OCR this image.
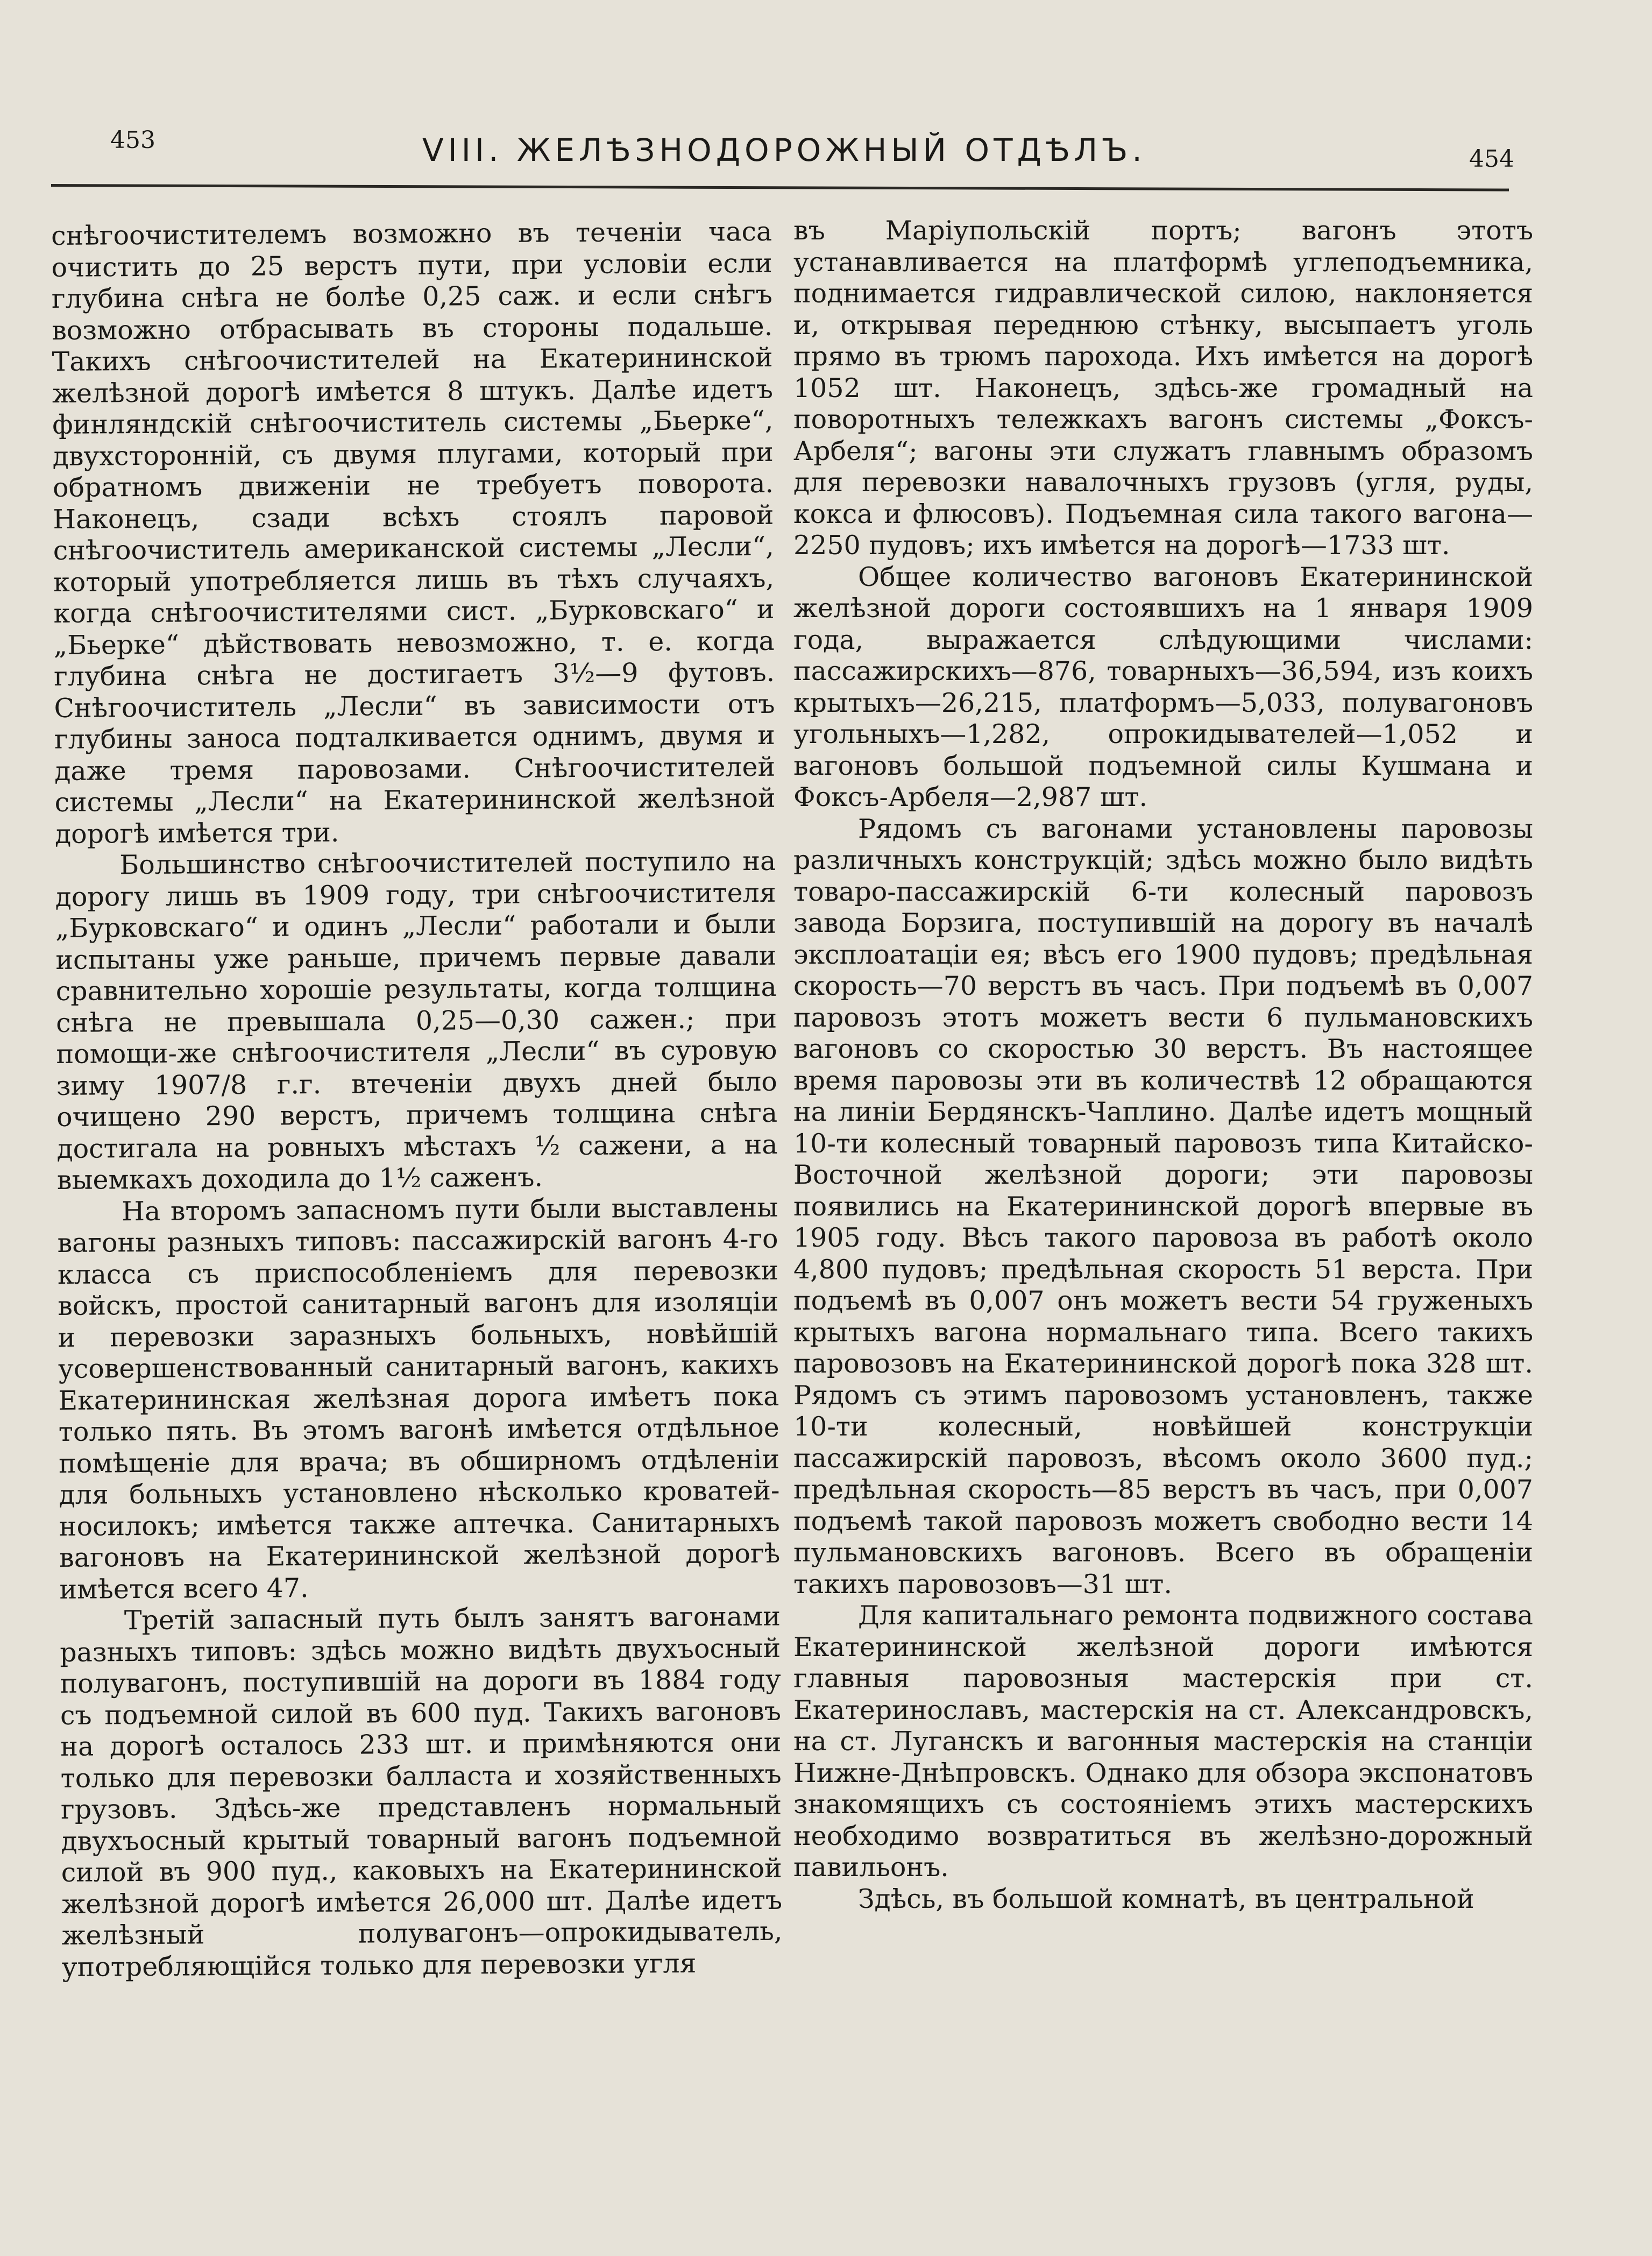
453	VIII. ЖЕЛѢЗНОДОРОЖНЫЙ ОТДѢЛЪ.	454

снѣгоочистителемъ возможно въ теченіи часа очистить до 25 верстъ пути, при условіи если глубина снѣга не болѣе 0,25 саж. и если снѣгъ возможно отбрасывать въ стороны подальше. Такихъ снѣгоочистителей на Екатерининской желѣзной дорогѣ имѣется 8 штукъ. Далѣе идетъ финляндскій снѣгоочиститель системы „Бьерке“, двухсторонній, съ двумя плугами, который при обратномъ движеніи не требуетъ поворота. Наконецъ, сзади всѣхъ стоялъ паровой снѣгоочиститель американской системы „Лесли“, который употребляется лишь въ тѣхъ случаяхъ, когда снѣгоочистителями сист. „Бурковскаго“ и „Бьерке“ дѣйствовать невозможно, т. е. когда глубина снѣга не достигаетъ 3½—9 футовъ. Снѣгоочиститель „Лесли“ въ зависимости отъ глубины заноса подталкивается однимъ, двумя и даже тремя паровозами. Снѣгоочистителей системы „Лесли“ на Екатерининской желѣзной дорогѣ имѣется три.

Большинство снѣгоочистителей поступило на дорогу лишь въ 1909 году, три снѣгоочистителя „Бурковскаго“ и одинъ „Лесли“ работали и были испытаны уже раньше, причемъ первые давали сравнительно хорошіе результаты, когда толщина снѣга не превышала 0,25—0,30 сажен.; при помощи-же снѣгоочистителя „Лесли“ въ суровую зиму 1907/8 г.г. втеченіи двухъ дней было очищено 290 верстъ, причемъ толщина снѣга достигала на ровныхъ мѣстахъ ½ сажени, а на выемкахъ доходила до 1½ саженъ.

На второмъ запасномъ пути были выставлены вагоны разныхъ типовъ: пассажирскій вагонъ 4-го класса съ приспособленіемъ для перевозки войскъ, простой санитарный вагонъ для изоляціи и перевозки заразныхъ больныхъ, новѣйшій усовершенствованный санитарный вагонъ, какихъ Екатерининская желѣзная дорога имѣетъ пока только пять. Въ этомъ вагонѣ имѣется отдѣльное помѣщеніе для врача; въ обширномъ отдѣленіи для больныхъ установлено нѣсколько кроватей-носилокъ; имѣется также аптечка. Санитарныхъ вагоновъ на Екатерининской желѣзной дорогѣ имѣется всего 47.

Третій запасный путь былъ занятъ вагонами разныхъ типовъ: здѣсь можно видѣть двухъосный полувагонъ, поступившій на дороги въ 1884 году съ подъемной силой въ 600 пуд. Такихъ вагоновъ на дорогѣ осталось 233 шт. и примѣняются они только для перевозки балласта и хозяйственныхъ грузовъ. Здѣсь-же представленъ нормальный двухъосный крытый товарный вагонъ подъемной силой въ 900 пуд., каковыхъ на Екатерининской желѣзной дорогѣ имѣется 26,000 шт. Далѣе идетъ желѣзный полувагонъ—опрокидыватель, употребляющійся только для перевозки угля

въ Маріупольскій портъ; вагонъ этотъ устанавливается на платформѣ углеподъемника, поднимается гидравлической силою, наклоняется и, открывая переднюю стѣнку, высыпаетъ уголь прямо въ трюмъ парохода. Ихъ имѣется на дорогѣ 1052 шт. Наконецъ, здѣсь-же громадный на поворотныхъ тележкахъ вагонъ системы „Фоксъ-Арбеля“; вагоны эти служатъ главнымъ образомъ для перевозки навалочныхъ грузовъ (угля, руды, кокса и флюсовъ). Подъемная сила такого вагона—2250 пудовъ; ихъ имѣется на дорогѣ—1733 шт.

Общее количество вагоновъ Екатерининской желѣзной дороги состоявшихъ на 1 января 1909 года, выражается слѣдующими числами: пассажирскихъ—876, товарныхъ—36,594, изъ коихъ крытыхъ—26,215, платформъ—5,033, полувагоновъ угольныхъ—1,282, опрокидывателей—1,052 и вагоновъ большой подъемной силы Кушмана и Фоксъ-Арбеля—2,987 шт.

Рядомъ съ вагонами установлены паровозы различныхъ конструкцій; здѣсь можно было видѣть товаро-пассажирскій 6-ти колесный паровозъ завода Борзига, поступившій на дорогу въ началѣ эксплоатаціи ея; вѣсъ его 1900 пудовъ; предѣльная скорость—70 верстъ въ часъ. При подъемѣ въ 0,007 паровозъ этотъ можетъ вести 6 пульмановскихъ вагоновъ со скоростью 30 верстъ. Въ настоящее время паровозы эти въ количествѣ 12 обращаются на линіи Бердянскъ-Чаплино. Далѣе идетъ мощный 10-ти колесный товарный паровозъ типа Китайско-Восточной желѣзной дороги; эти паровозы появились на Екатерининской дорогѣ впервые въ 1905 году. Вѣсъ такого паровоза въ работѣ около 4,800 пудовъ; предѣльная скорость 51 верста. При подъемѣ въ 0,007 онъ можетъ вести 54 груженыхъ крытыхъ вагона нормальнаго типа. Всего такихъ паровозовъ на Екатерининской дорогѣ пока 328 шт. Рядомъ съ этимъ паровозомъ установленъ, также 10-ти колесный, новѣйшей конструкціи пассажирскій паровозъ, вѣсомъ около 3600 пуд.; предѣльная скорость—85 верстъ въ часъ, при 0,007 подъемѣ такой паровозъ можетъ свободно вести 14 пульмановскихъ вагоновъ. Всего въ обращеніи такихъ паровозовъ—31 шт.

Для капитальнаго ремонта подвижного состава Екатерининской желѣзной дороги имѣются главныя паровозныя мастерскія при ст. Екатеринославъ, мастерскія на ст. Александровскъ, на ст. Луганскъ и вагонныя мастерскія на станціи Нижне-Днѣпровскъ. Однако для обзора экспонатовъ знакомящихъ съ состояніемъ этихъ мастерскихъ необходимо возвратиться въ желѣзно-дорожный павильонъ.

Здѣсь, въ большой комнатѣ, въ центральной
